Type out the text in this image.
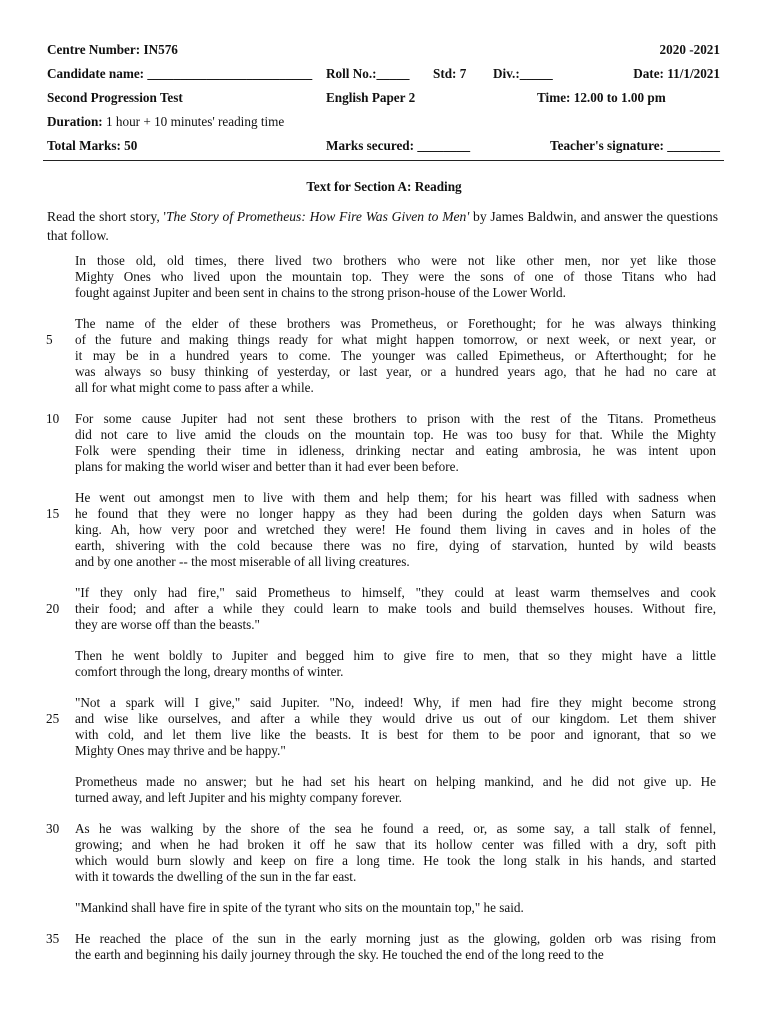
Centre Number: IN576	2020 -2021
Candidate name: _________________________ Roll No.:_____ Std: 7 Div.:_____	Date: 11/1/2021
Second Progression Test	English Paper 2	Time: 12.00 to 1.00 pm
Duration: 1 hour + 10 minutes' reading time
Total Marks: 50	Marks secured: ________	Teacher's signature: ________
Text for Section A: Reading
Read the short story, 'The Story of Prometheus: How Fire Was Given to Men' by James Baldwin, and answer the questions that follow.
In those old, old times, there lived two brothers who were not like other men, nor yet like those
Mighty Ones who lived upon the mountain top. They were the sons of one of those Titans who had
fought against Jupiter and been sent in chains to the strong prison-house of the Lower World.
The name of the elder of these brothers was Prometheus, or Forethought; for he was always thinking
5 of the future and making things ready for what might happen tomorrow, or next week, or next year, or
it may be in a hundred years to come. The younger was called Epimetheus, or Afterthought; for he
was always so busy thinking of yesterday, or last year, or a hundred years ago, that he had no care at
all for what might come to pass after a while.
10 For some cause Jupiter had not sent these brothers to prison with the rest of the Titans. Prometheus
did not care to live amid the clouds on the mountain top. He was too busy for that. While the Mighty
Folk were spending their time in idleness, drinking nectar and eating ambrosia, he was intent upon
plans for making the world wiser and better than it had ever been before.
He went out amongst men to live with them and help them; for his heart was filled with sadness when
15 he found that they were no longer happy as they had been during the golden days when Saturn was
king. Ah, how very poor and wretched they were! He found them living in caves and in holes of the
earth, shivering with the cold because there was no fire, dying of starvation, hunted by wild beasts
and by one another -- the most miserable of all living creatures.
"If they only had fire," said Prometheus to himself, "they could at least warm themselves and cook
20 their food; and after a while they could learn to make tools and build themselves houses. Without fire,
they are worse off than the beasts."
Then he went boldly to Jupiter and begged him to give fire to men, that so they might have a little
comfort through the long, dreary months of winter.
"Not a spark will I give," said Jupiter. "No, indeed! Why, if men had fire they might become strong
25 and wise like ourselves, and after a while they would drive us out of our kingdom. Let them shiver
with cold, and let them live like the beasts. It is best for them to be poor and ignorant, that so we
Mighty Ones may thrive and be happy."
Prometheus made no answer; but he had set his heart on helping mankind, and he did not give up. He
turned away, and left Jupiter and his mighty company forever.
30 As he was walking by the shore of the sea he found a reed, or, as some say, a tall stalk of fennel,
growing; and when he had broken it off he saw that its hollow center was filled with a dry, soft pith
which would burn slowly and keep on fire a long time. He took the long stalk in his hands, and started
with it towards the dwelling of the sun in the far east.
"Mankind shall have fire in spite of the tyrant who sits on the mountain top," he said.
35 He reached the place of the sun in the early morning just as the glowing, golden orb was rising from
the earth and beginning his daily journey through the sky. He touched the end of the long reed to the
